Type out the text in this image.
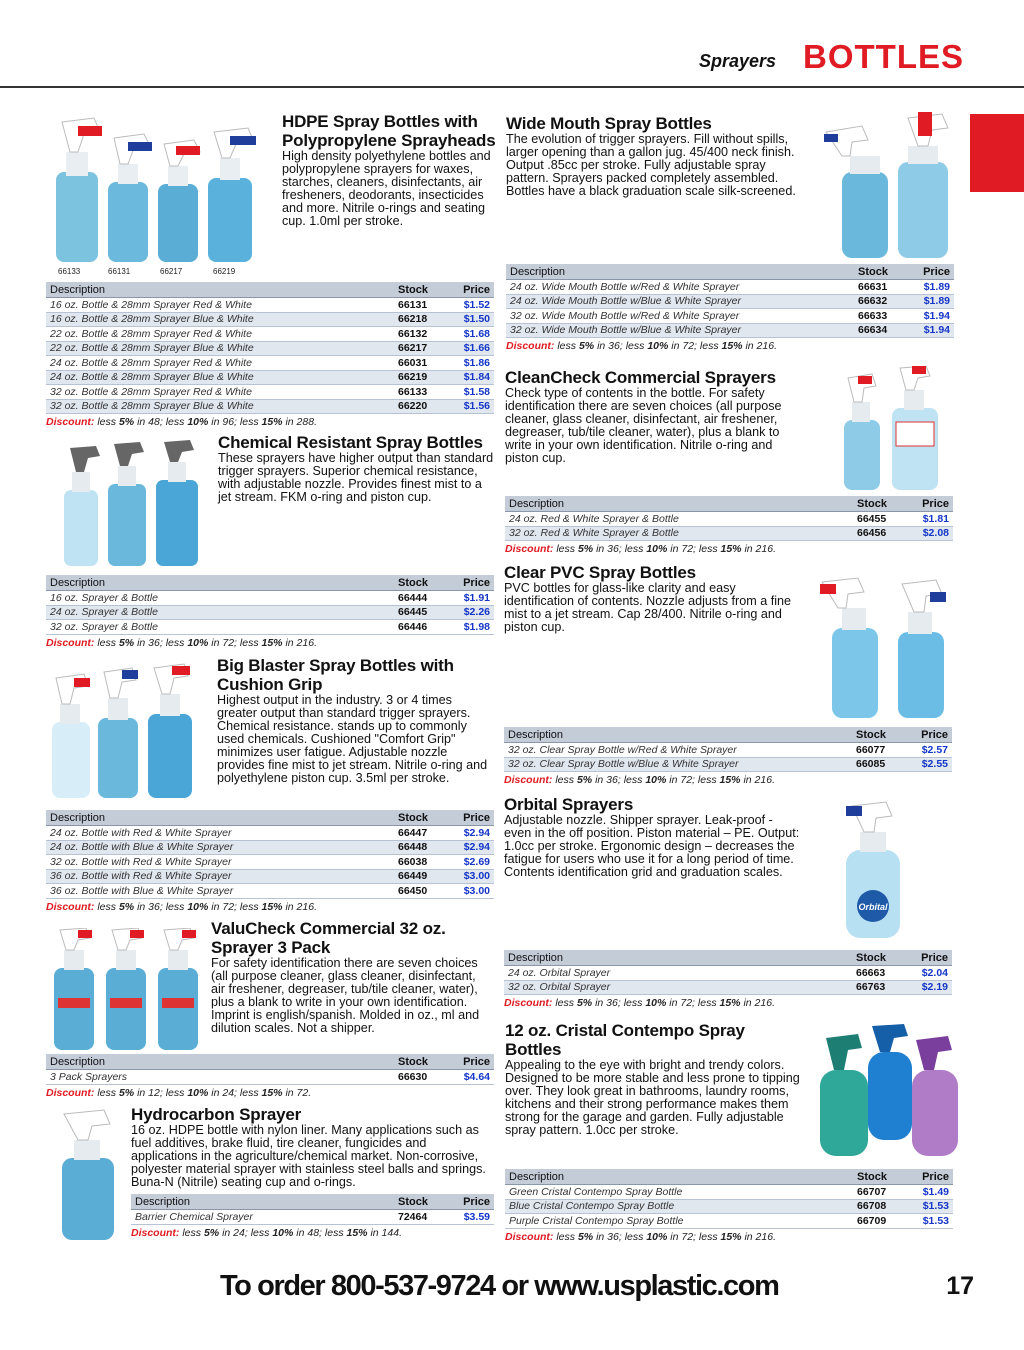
Sprayers BOTTLES
66133	66131	66217	66219
Orbital
HDPE Spray Bottles with Polypropylene Sprayheads
High density polyethylene bottles and polypropylene sprayers for waxes, starches, cleaners, disinfectants, air fresheners, deodorants, insecticides and more. Nitrile o-rings and seating cup. 1.0ml per stroke.
Description	Stock	Price
16 oz. Bottle & 28mm Sprayer Red & White	66131	$1.52
16 oz. Bottle & 28mm Sprayer Blue & White	66218	$1.50
22 oz. Bottle & 28mm Sprayer Red & White	66132	$1.68
22 oz. Bottle & 28mm Sprayer Blue & White	66217	$1.66
24 oz. Bottle & 28mm Sprayer Red & White	66031	$1.86
24 oz. Bottle & 28mm Sprayer Blue & White	66219	$1.84
32 oz. Bottle & 28mm Sprayer Red & White	66133	$1.58
32 oz. Bottle & 28mm Sprayer Blue & White	66220	$1.56
Discount: less 5% in 48; less 10% in 96; less 15% in 288.
Chemical Resistant Spray Bottles
These sprayers have higher output than standard trigger sprayers. Superior chemical resistance, with adjustable nozzle. Provides finest mist to a jet stream. FKM o-ring and piston cup.
Description	Stock	Price
16 oz. Sprayer & Bottle	66444	$1.91
24 oz. Sprayer & Bottle	66445	$2.26
32 oz. Sprayer & Bottle	66446	$1.98
Discount: less 5% in 36; less 10% in 72; less 15% in 216.
Big Blaster Spray Bottles with Cushion Grip
Highest output in the industry. 3 or 4 times greater output than standard trigger sprayers. Chemical resistance. stands up to commonly used chemicals. Cushioned "Comfort Grip" minimizes user fatigue. Adjustable nozzle provides fine mist to jet stream. Nitrile o-ring and polyethylene piston cup. 3.5ml per stroke.
Description	Stock	Price
24 oz. Bottle with Red & White Sprayer	66447	$2.94
24 oz. Bottle with Blue & White Sprayer	66448	$2.94
32 oz. Bottle with Red & White Sprayer	66038	$2.69
36 oz. Bottle with Red & White Sprayer	66449	$3.00
36 oz. Bottle with Blue & White Sprayer	66450	$3.00
Discount: less 5% in 36; less 10% in 72; less 15% in 216.
ValuCheck Commercial 32 oz. Sprayer 3 Pack
For safety identification there are seven choices (all purpose cleaner, glass cleaner, disinfectant, air freshener, degreaser, tub/tile cleaner, water), plus a blank to write in your own identification. Imprint is english/spanish. Molded in oz., ml and dilution scales. Not a shipper.
Description	Stock	Price
3 Pack Sprayers	66630	$4.64
Discount: less 5% in 12; less 10% in 24; less 15% in 72.
Hydrocarbon Sprayer
16 oz. HDPE bottle with nylon liner. Many applications such as fuel additives, brake fluid, tire cleaner, fungicides and applications in the agriculture/chemical market. Non-corrosive, polyester material sprayer with stainless steel balls and springs. Buna-N (Nitrile) seating cup and o-rings.
Description	Stock	Price
Barrier Chemical Sprayer	72464	$3.59
Discount: less 5% in 24; less 10% in 48; less 15% in 144.
Wide Mouth Spray Bottles
The evolution of trigger sprayers. Fill without spills, larger opening than a gallon jug. 45/400 neck finish. Output .85cc per stroke. Fully adjustable spray pattern. Sprayers packed completely assembled. Bottles have a black graduation scale silk-screened.
Description	Stock	Price
24 oz. Wide Mouth Bottle w/Red & White Sprayer	66631	$1.89
24 oz. Wide Mouth Bottle w/Blue & White Sprayer	66632	$1.89
32 oz. Wide Mouth Bottle w/Red & White Sprayer	66633	$1.94
32 oz. Wide Mouth Bottle w/Blue & White Sprayer	66634	$1.94
Discount: less 5% in 36; less 10% in 72; less 15% in 216.
CleanCheck Commercial Sprayers
Check type of contents in the bottle. For safety identification there are seven choices (all purpose cleaner, glass cleaner, disinfectant, air freshener, degreaser, tub/tile cleaner, water), plus a blank to write in your own identification. Nitrile o-ring and piston cup.
Description	Stock	Price
24 oz. Red & White Sprayer & Bottle	66455	$1.81
32 oz. Red & White Sprayer & Bottle	66456	$2.08
Discount: less 5% in 36; less 10% in 72; less 15% in 216.
Clear PVC Spray Bottles
PVC bottles for glass-like clarity and easy identification of contents. Nozzle adjusts from a fine mist to a jet stream. Cap 28/400. Nitrile o-ring and piston cup.
Description	Stock	Price
32 oz. Clear Spray Bottle w/Red & White Sprayer	66077	$2.57
32 oz. Clear Spray Bottle w/Blue & White Sprayer	66085	$2.55
Discount: less 5% in 36; less 10% in 72; less 15% in 216.
Orbital Sprayers
Adjustable nozzle. Shipper sprayer. Leak-proof - even in the off position. Piston material – PE. Output: 1.0cc per stroke. Ergonomic design – decreases the fatigue for users who use it for a long period of time. Contents identification grid and graduation scales.
Description	Stock	Price
24 oz. Orbital Sprayer	66663	$2.04
32 oz. Orbital Sprayer	66763	$2.19
Discount: less 5% in 36; less 10% in 72; less 15% in 216.
12 oz. Cristal Contempo Spray Bottles
Appealing to the eye with bright and trendy colors. Designed to be more stable and less prone to tipping over. They look great in bathrooms, laundry rooms, kitchens and their strong performance makes them strong for the garage and garden. Fully adjustable spray pattern. 1.0cc per stroke.
Description	Stock	Price
Green Cristal Contempo Spray Bottle	66707	$1.49
Blue Cristal Contempo Spray Bottle	66708	$1.53
Purple Cristal Contempo Spray Bottle	66709	$1.53
Discount: less 5% in 36; less 10% in 72; less 15% in 216.
To order 800-537-9724 or www.usplastic.com	17
